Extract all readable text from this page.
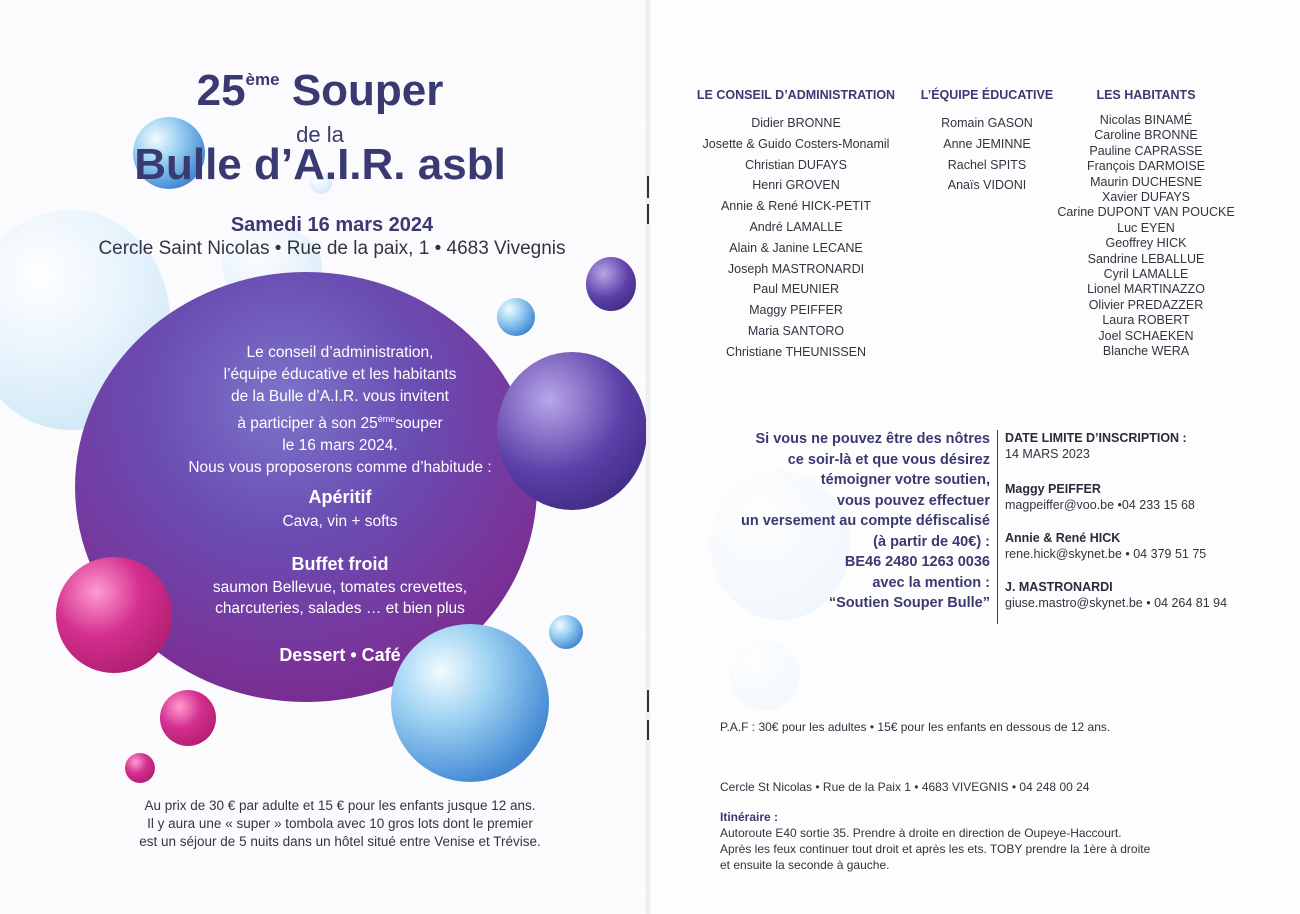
25ème Souper
de la
Bulle d’A.I.R. asbl
Samedi 16 mars 2024
Cercle Saint Nicolas • Rue de la paix, 1 • 4683 Vivegnis
Le conseil d’administration,
l’équipe éducative et les habitants
de la Bulle d’A.I.R. vous invitent
à participer à son 25èmesouper
le 16 mars 2024.
Nous vous proposerons comme d’habitude :
Apéritif
Cava, vin + softs
Buffet froid
saumon Bellevue, tomates crevettes,
charcuteries, salades … et bien plus
Dessert • Café
Au prix de 30 € par adulte et 15 € pour les enfants jusque 12 ans.
Il y aura une « super » tombola avec 10 gros lots dont le premier
est un séjour de 5 nuits dans un hôtel situé entre Venise et Trévise.
LE CONSEIL D’ADMINISTRATION	L’ÉQUIPE ÉDUCATIVE	LES HABITANTS
Didier BRONNE
Josette & Guido Costers-Monamil
Christian DUFAYS
Henri GROVEN
Annie & René HICK-PETIT
André LAMALLE
Alain & Janine LECANE
Joseph MASTRONARDI
Paul MEUNIER
Maggy PEIFFER
Maria SANTORO
Christiane THEUNISSEN
Romain GASON
Anne JEMINNE
Rachel SPITS
Anaïs VIDONI
Nicolas BINAMÉ
Caroline BRONNE
Pauline CAPRASSE
François DARMOISE
Maurin DUCHESNE
Xavier DUFAYS
Carine DUPONT VAN POUCKE
Luc EYEN
Geoffrey HICK
Sandrine LEBALLUE
Cyril LAMALLE
Lionel MARTINAZZO
Olivier PREDAZZER
Laura ROBERT
Joel SCHAEKEN
Blanche WERA
Si vous ne pouvez être des nôtres
ce soir-là et que vous désirez
témoigner votre soutien,
vous pouvez effectuer
un versement au compte défiscalisé
(à partir de 40€) :
BE46 2480 1263 0036
avec la mention :
“Soutien Souper Bulle”
DATE LIMITE D’INSCRIPTION :
14 MARS 2023
Maggy PEIFFER
magpeiffer@voo.be •04 233 15 68
Annie & René HICK
rene.hick@skynet.be • 04 379 51 75
J. MASTRONARDI
giuse.mastro@skynet.be • 04 264 81 94
P.A.F : 30€ pour les adultes • 15€ pour les enfants en dessous de 12 ans.
Cercle St Nicolas • Rue de la Paix 1 • 4683 VIVEGNIS • 04 248 00 24
Itinéraire :
Autoroute E40 sortie 35. Prendre à droite en direction de Oupeye-Haccourt.
Après les feux continuer tout droit et après les ets. TOBY prendre la 1ère à droite
et ensuite la seconde à gauche.
